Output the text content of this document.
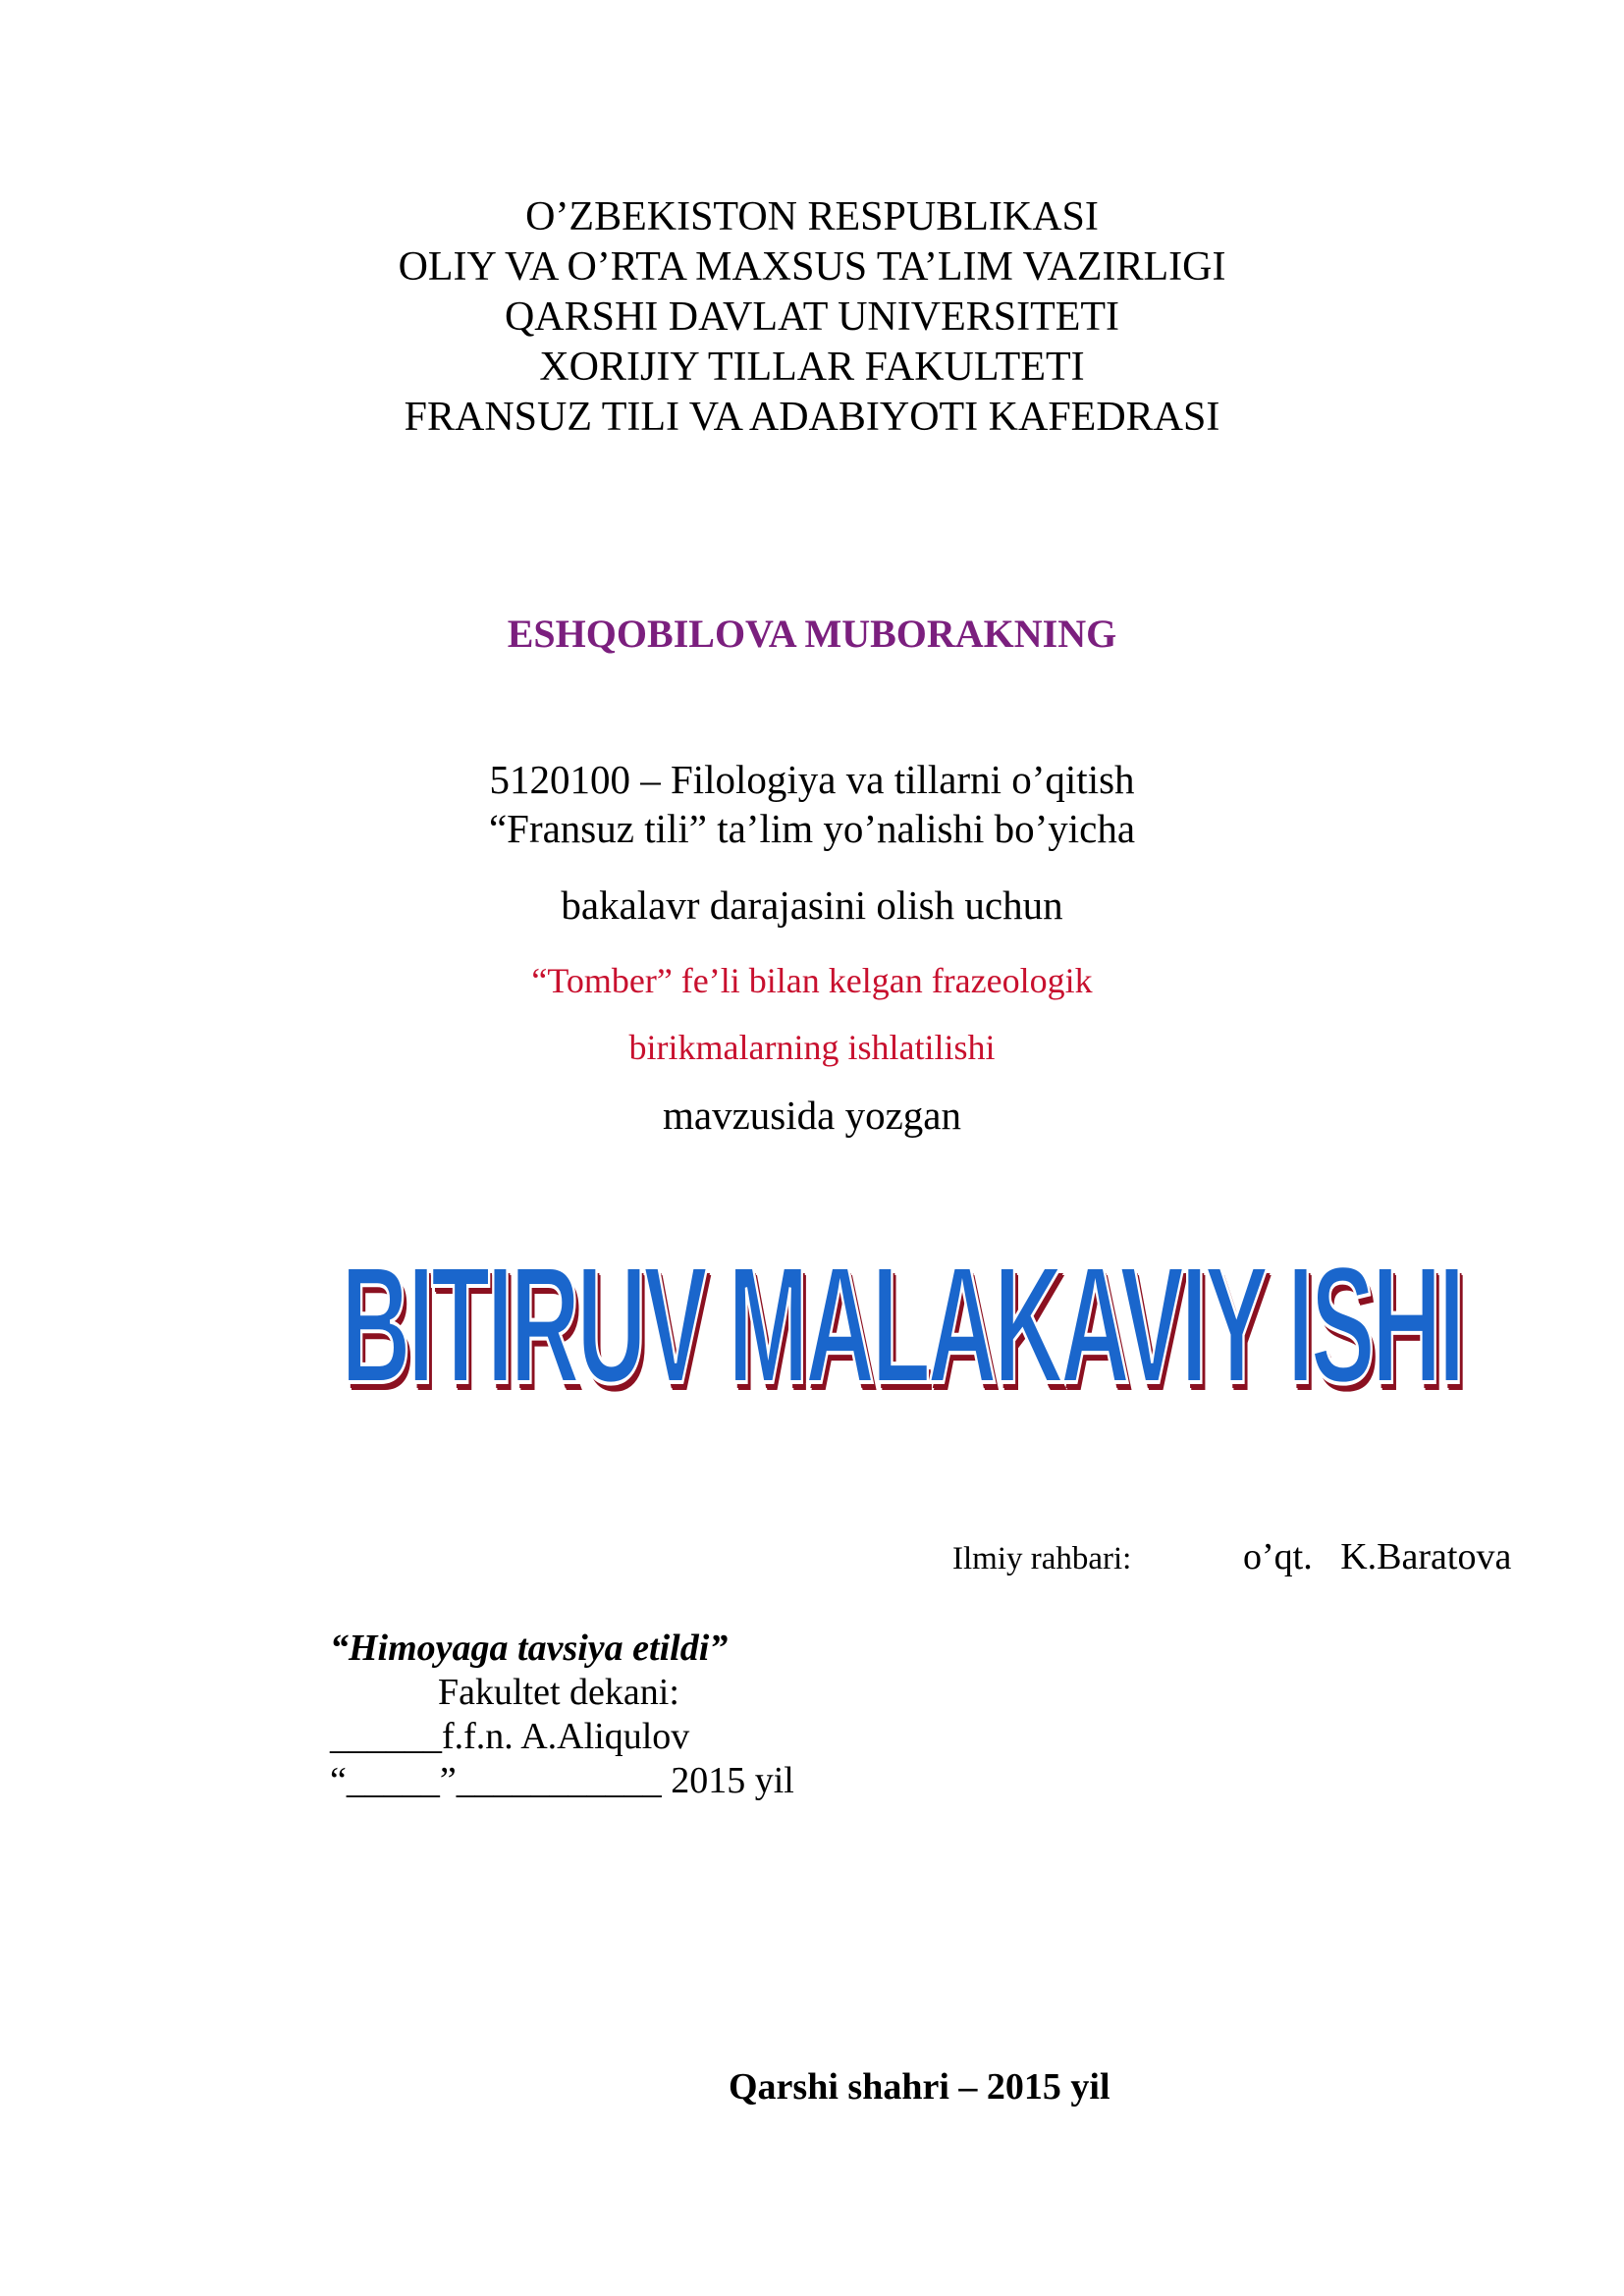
O’ZBEKISTON RESPUBLIKASI
OLIY VA O’RTA MAXSUS TA’LIM VAZIRLIGI
QARSHI DAVLAT UNIVERSITETI
XORIJIY TILLAR FAKULTETI
FRANSUZ TILI VA ADABIYOTI KAFEDRASI
ESHQOBILOVA MUBORAKNING
5120100 – Filologiya va tillarni o’qitish
“Fransuz tili” ta’lim yo’nalishi bo’yicha
bakalavr darajasini olish uchun
“Tomber” fe’li bilan kelgan frazeologik
birikmalarning ishlatilishi
mavzusida yozgan
BITIRUV MALAKAVIY ISHI
Ilmiy rahbari:	o’qt.   K.Baratova
“Himoyaga tavsiya etildi”
Fakultet dekani:
______f.f.n. A.Aliqulov
“_____”___________ 2015 yil
Qarshi shahri – 2015 yil
